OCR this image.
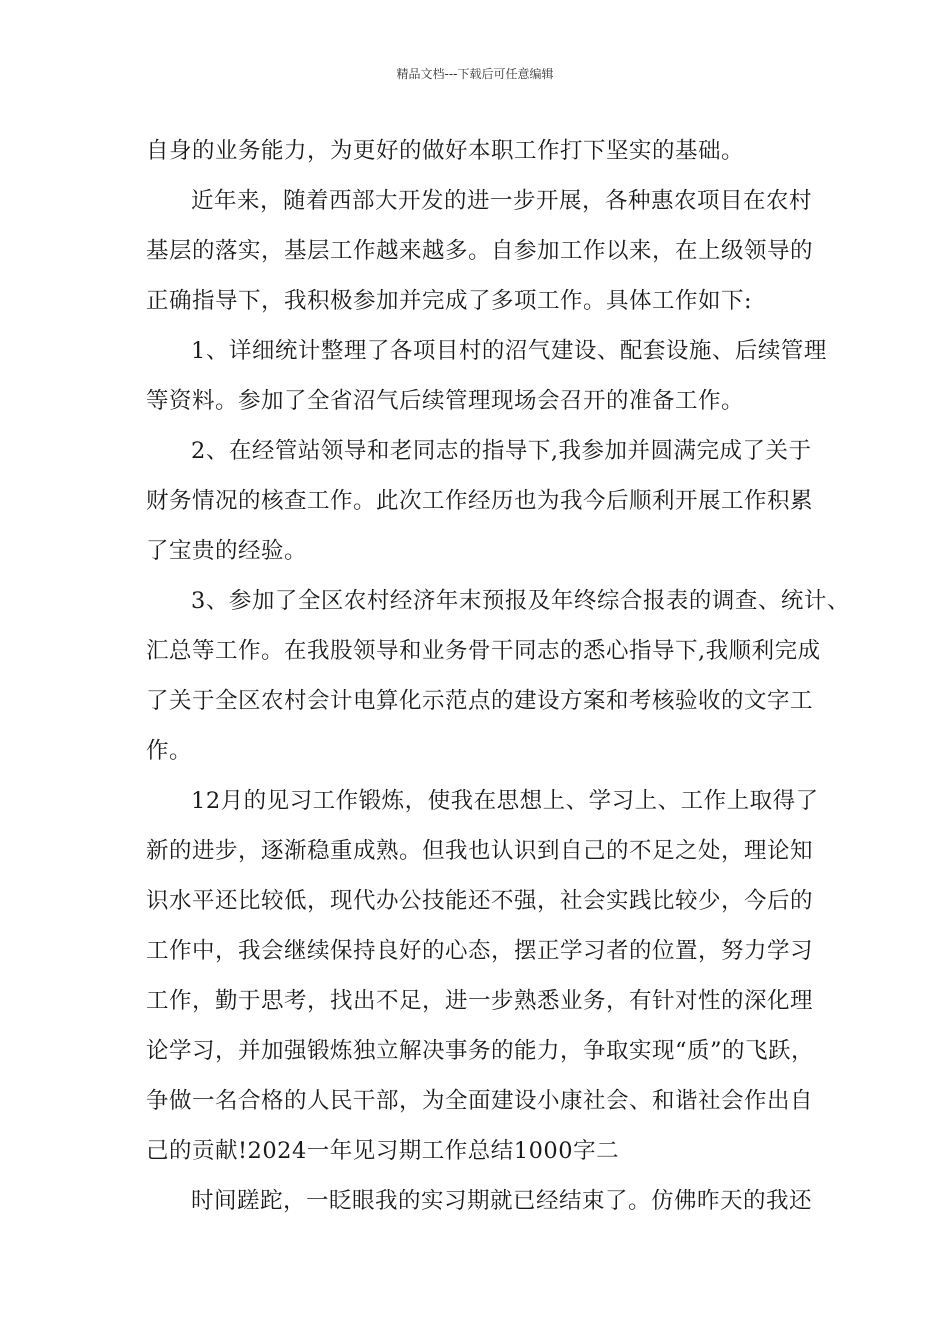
精品文档---下载后可任意编辑
自身的业务能力，为更好的做好本职工作打下坚实的基础。
近年来，随着西部大开发的进一步开展，各种惠农项目在农村
基层的落实，基层工作越来越多。自参加工作以来，在上级领导的
正确指导下，我积极参加并完成了多项工作。具体工作如下:
1、详细统计整理了各项目村的沼气建设、配套设施、后续管理
等资料。参加了全省沼气后续管理现场会召开的准备工作。
2、在经管站领导和老同志的指导下,我参加并圆满完成了关于
财务情况的核查工作。此次工作经历也为我今后顺利开展工作积累
了宝贵的经验。
3、参加了全区农村经济年末预报及年终综合报表的调查、统计、
汇总等工作。在我股领导和业务骨干同志的悉心指导下,我顺利完成
了关于全区农村会计电算化示范点的建设方案和考核验收的文字工
作。
12月的见习工作锻炼，使我在思想上、学习上、工作上取得了
新的进步，逐渐稳重成熟。但我也认识到自己的不足之处，理论知
识水平还比较低，现代办公技能还不强，社会实践比较少，今后的
工作中，我会继续保持良好的心态，摆正学习者的位置，努力学习
工作，勤于思考，找出不足，进一步熟悉业务，有针对性的深化理
论学习，并加强锻炼独立解决事务的能力，争取实现“质”的飞跃，
争做一名合格的人民干部，为全面建设小康社会、和谐社会作出自
己的贡献!2024一年见习期工作总结1000字二
时间蹉跎，一眨眼我的实习期就已经结束了。仿佛昨天的我还
